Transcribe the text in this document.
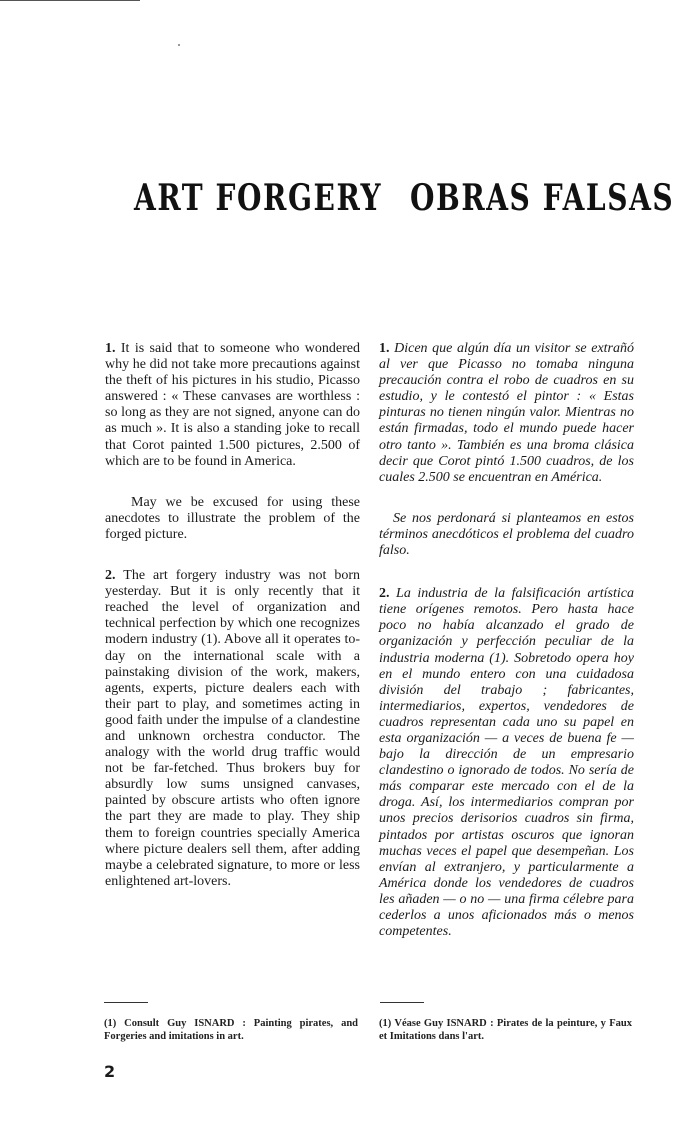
ART FORGERY OBRAS FALSAS

1. It is said that to someone who wondered why he did not take more precautions against the theft of his pictures in his studio, Picasso answered : « These canvases are worthless : so long as they are not signed, anyone can do as much ». It is also a standing joke to recall that Corot painted 1.500 pictures, 2.500 of which are to be found in America.

May we be excused for using these anecdotes to illustrate the problem of the forged picture.

2. The art forgery industry was not born yesterday. But it is only recently that it reached the level of organization and technical perfection by which one recognizes modern industry (1). Above all it operates to-day on the international scale with a painstaking division of the work, makers, agents, experts, picture dealers each with their part to play, and sometimes acting in good faith under the impulse of a clandestine and unknown orchestra conductor. The analogy with the world drug traffic would not be far-fetched. Thus brokers buy for absurdly low sums unsigned canvases, painted by obscure artists who often ignore the part they are made to play. They ship them to foreign countries specially America where picture dealers sell them, after adding maybe a celebrated signature, to more or less enlightened art-lovers.

1. Dicen que algún día un visitor se extrañó al ver que Picasso no tomaba ninguna precaución contra el robo de cuadros en su estudio, y le contestó el pintor : « Estas pinturas no tienen ningún valor. Mientras no están firmadas, todo el mundo puede hacer otro tanto ». También es una broma clásica decir que Corot pintó 1.500 cuadros, de los cuales 2.500 se encuentran en América.

Se nos perdonará si planteamos en estos términos anecdóticos el problema del cuadro falso.

2. La industria de la falsificación artística tiene orígenes remotos. Pero hasta hace poco no había alcanzado el grado de organización y perfección peculiar de la industria moderna (1). Sobretodo opera hoy en el mundo entero con una cuidadosa división del trabajo ; fabricantes, intermediarios, expertos, vendedores de cuadros representan cada uno su papel en esta organización — a veces de buena fe — bajo la dirección de un empresario clandestino o ignorado de todos. No sería de más comparar este mercado con el de la droga. Así, los intermediarios compran por unos precios derisorios cuadros sin firma, pintados por artistas oscuros que ignoran muchas veces el papel que desempeñan. Los envían al extranjero, y particularmente a América donde los vendedores de cuadros les añaden — o no — una firma célebre para cederlos a unos aficionados más o menos competentes.

(1) Consult Guy ISNARD : Painting pirates, and Forgeries and imitations in art.
(1) Véase Guy ISNARD : Pirates de la peinture, y Faux et Imitations dans l'art.
2
